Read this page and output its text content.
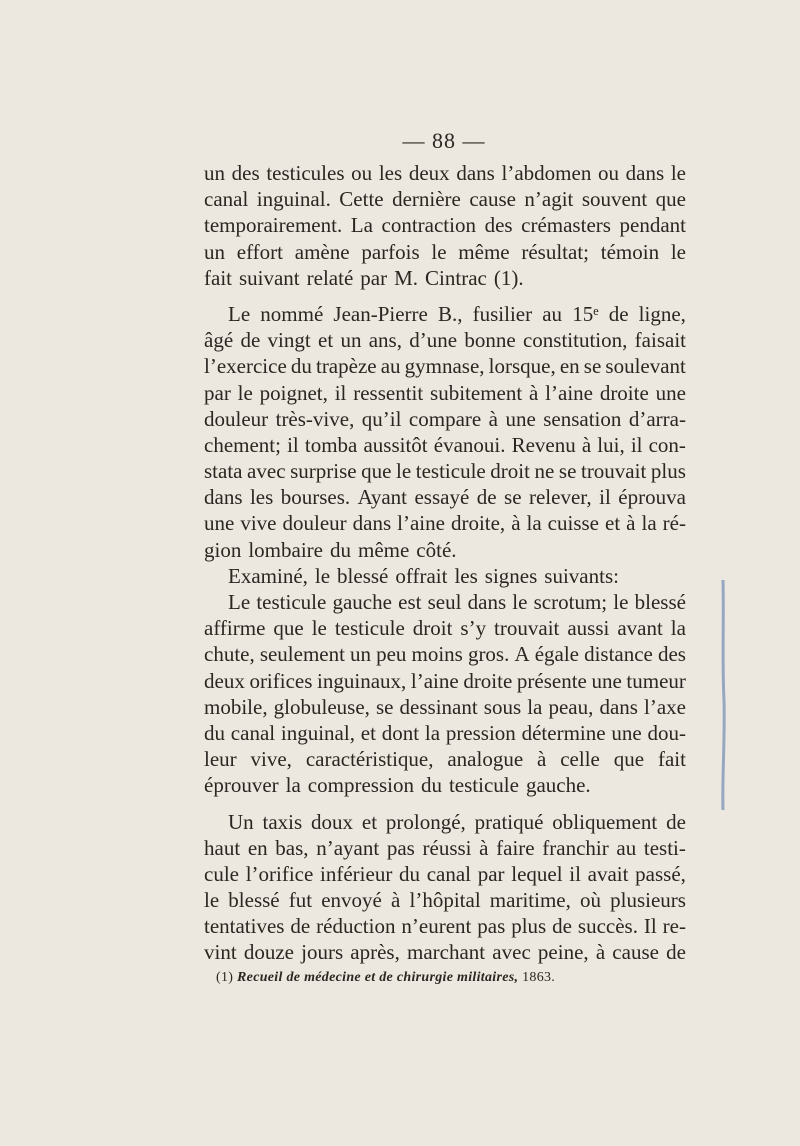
— 88 —
un des testicules ou les deux dans l’abdomen ou dans le
canal inguinal. Cette dernière cause n’agit souvent que
temporairement. La contraction des crémasters pendant
un effort amène parfois le même résultat; témoin le
fait suivant relaté par M. Cintrac (1).
Le nommé Jean-Pierre B., fusilier au 15ᵉ de ligne,
âgé de vingt et un ans, d’une bonne constitution, faisait
l’exercice du trapèze au gymnase, lorsque, en se soulevant
par le poignet, il ressentit subitement à l’aine droite une
douleur très-vive, qu’il compare à une sensation d’arra-
chement; il tomba aussitôt évanoui. Revenu à lui, il con-
stata avec surprise que le testicule droit ne se trouvait plus
dans les bourses. Ayant essayé de se relever, il éprouva
une vive douleur dans l’aine droite, à la cuisse et à la ré-
gion lombaire du même côté.
Examiné, le blessé offrait les signes suivants:
Le testicule gauche est seul dans le scrotum; le blessé
affirme que le testicule droit s’y trouvait aussi avant la
chute, seulement un peu moins gros. A égale distance des
deux orifices inguinaux, l’aine droite présente une tumeur
mobile, globuleuse, se dessinant sous la peau, dans l’axe
du canal inguinal, et dont la pression détermine une dou-
leur vive, caractéristique, analogue à celle que fait
éprouver la compression du testicule gauche.
Un taxis doux et prolongé, pratiqué obliquement de
haut en bas, n’ayant pas réussi à faire franchir au testi-
cule l’orifice inférieur du canal par lequel il avait passé,
le blessé fut envoyé à l’hôpital maritime, où plusieurs
tentatives de réduction n’eurent pas plus de succès. Il re-
vint douze jours après, marchant avec peine, à cause de
(1) Recueil de médecine et de chirurgie militaires, 1863.
